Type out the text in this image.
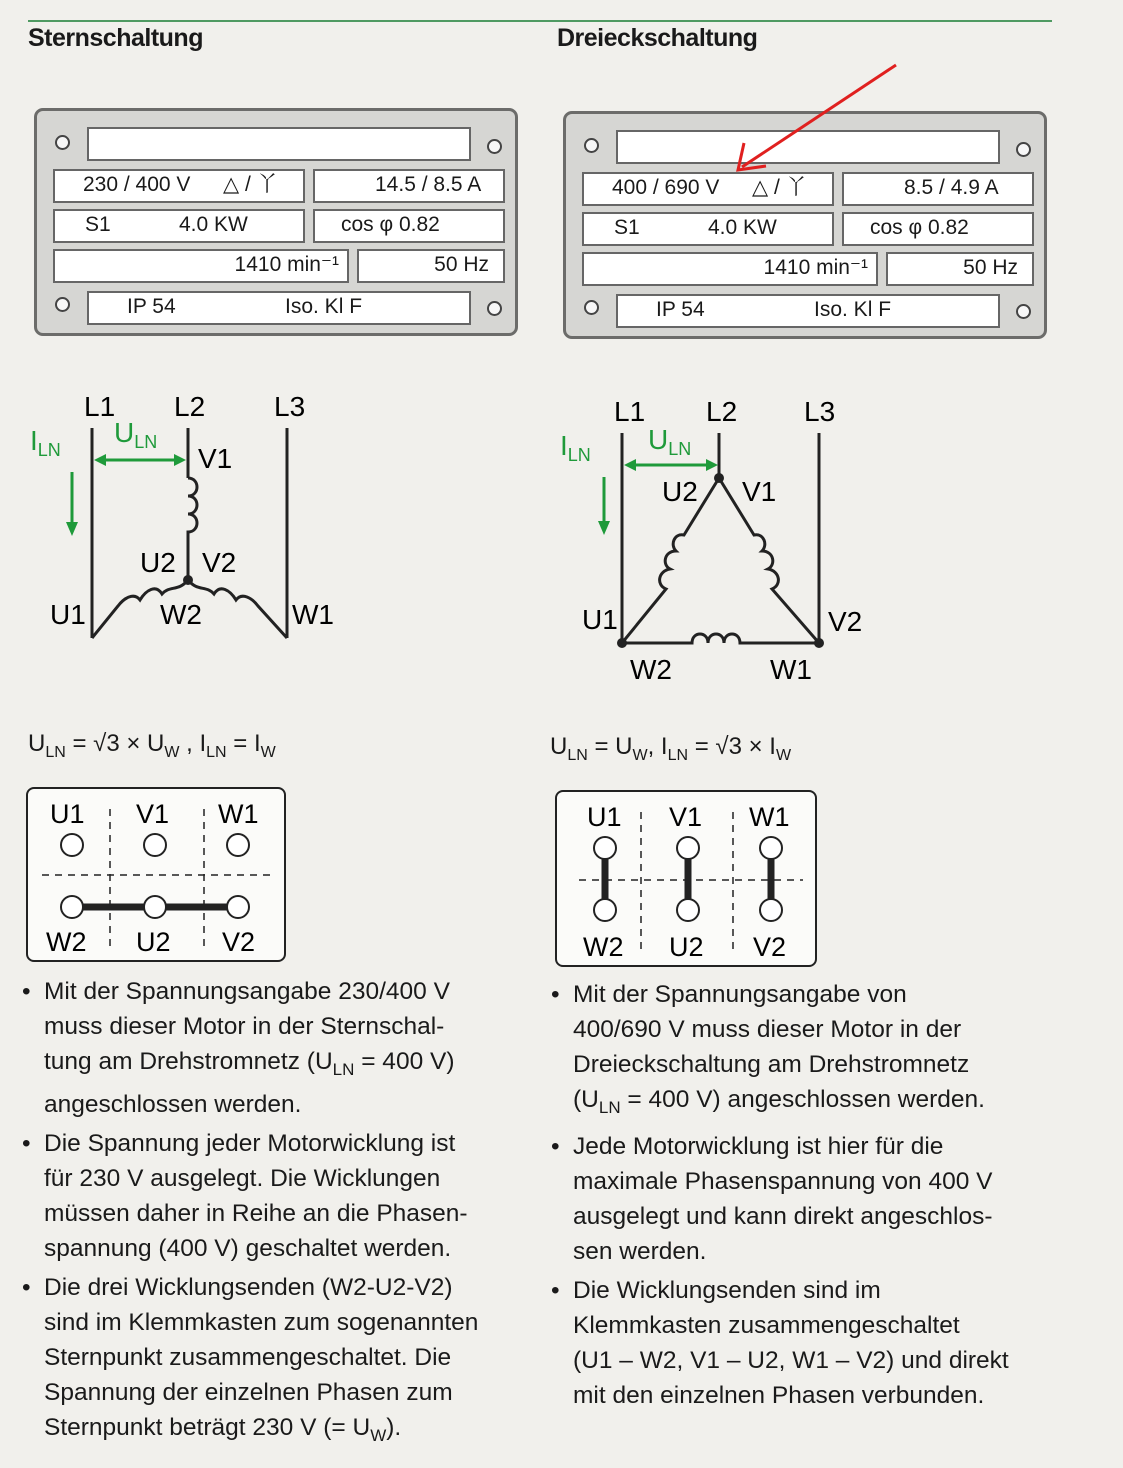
Sternschaltung	Dreieckschaltung
230 / 400 V △ / 丫	14.5 / 8.5 A
S1	4.0 KW	cos φ 0.82
1410 min⁻¹	50 Hz
IP 54	Iso. Kl F
400 / 690 V △ / 丫	8.5 / 4.9 A
S1	4.0 KW	cos φ 0.82
1410 min⁻¹	50 Hz
IP 54	Iso. Kl F
L1 L2 L3
V1
U2 V2
U1	W2	W1
$I_{LN}$
$U_{LN}$
L1 L2 L3
U2 V1
U1	V2
W2	W1
$I_{LN}$ $U_{LN}$
$U_{LN} = √3 \times U_W$ , $I_{LN} = I_W$	$U_{LN} = U_W$, $I_{LN} = √3 \times I_W$
U1 V1 W1
W2 U2 V2
U1 V1 W1
W2 U2 V2
• Mit der Spannungsangabe 230/400 V
muss dieser Motor in der Sternschal-
tung am Drehstromnetz ($U_{LN} = 400$ V)
angeschlossen werden.
• Die Spannung jeder Motorwicklung ist
für 230 V ausgelegt. Die Wicklungen
müssen daher in Reihe an die Phasen-
spannung (400 V) geschaltet werden.
• Die drei Wicklungsenden (W2-U2-V2)
sind im Klemmkasten zum sogenannten
Sternpunkt zusammengeschaltet. Die
Spannung der einzelnen Phasen zum
Sternpunkt beträgt 230 V (= $U_W$).
• Mit der Spannungsangabe von
400/690 V muss dieser Motor in der
Dreieckschaltung am Drehstromnetz
($U_{LN} = 400$ V) angeschlossen werden.
• Jede Motorwicklung ist hier für die
maximale Phasenspannung von 400 V
ausgelegt und kann direkt angeschlos-
sen werden.
• Die Wicklungsenden sind im
Klemmkasten zusammengeschaltet
(U1 – W2, V1 – U2, W1 – V2) und direkt
mit den einzelnen Phasen verbunden.
